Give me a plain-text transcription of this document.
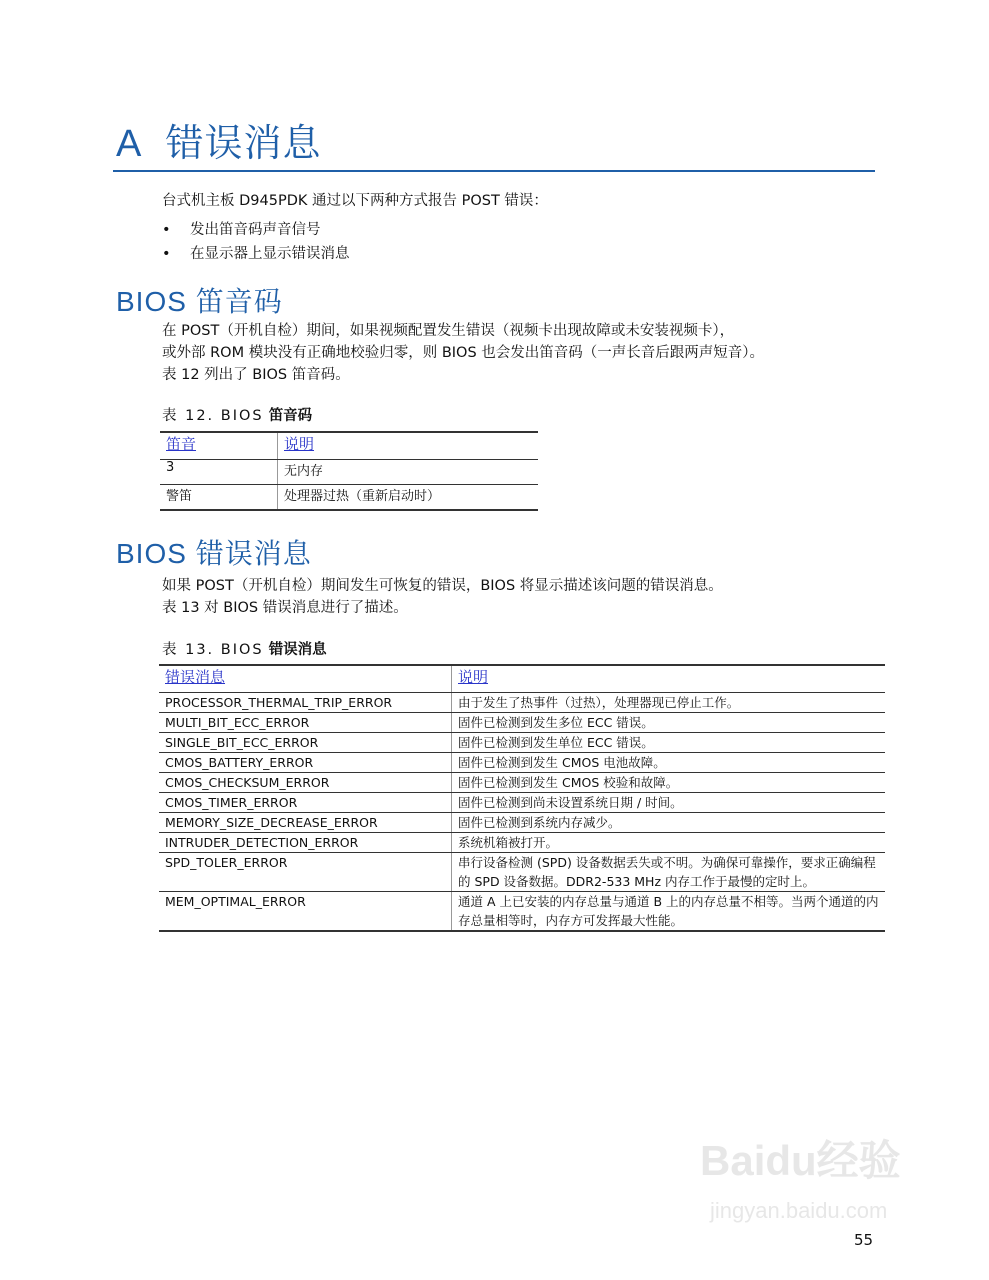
A 错误消息
台式机主板 D945PDK 通过以下两种方式报告 POST 错误：
• 发出笛音码声音信号
• 在显示器上显示错误消息
BIOS 笛音码
在 POST（开机自检）期间，如果视频配置发生错误（视频卡出现故障或未安装视频卡），
或外部 ROM 模块没有正确地校验归零，则 BIOS 也会发出笛音码（一声长音后跟两声短音）。
表 12 列出了 BIOS 笛音码。
表 12. BIOS 笛音码
笛音	说明
3	无内存
警笛	处理器过热（重新启动时）
BIOS 错误消息
如果 POST（开机自检）期间发生可恢复的错误，BIOS 将显示描述该问题的错误消息。
表 13 对 BIOS 错误消息进行了描述。
表 13. BIOS 错误消息
错误消息	说明
PROCESSOR_THERMAL_TRIP_ERROR	由于发生了热事件（过热），处理器现已停止工作。
MULTI_BIT_ECC_ERROR	固件已检测到发生多位 ECC 错误。
SINGLE_BIT_ECC_ERROR	固件已检测到发生单位 ECC 错误。
CMOS_BATTERY_ERROR	固件已检测到发生 CMOS 电池故障。
CMOS_CHECKSUM_ERROR	固件已检测到发生 CMOS 校验和故障。
CMOS_TIMER_ERROR	固件已检测到尚未设置系统日期 / 时间。
MEMORY_SIZE_DECREASE_ERROR	固件已检测到系统内存减少。
INTRUDER_DETECTION_ERROR	系统机箱被打开。
SPD_TOLER_ERROR	串行设备检测 (SPD) 设备数据丢失或不明。为确保可靠操作，要求正确编程的 SPD 设备数据。DDR2-533 MHz 内存工作于最慢的定时上。
MEM_OPTIMAL_ERROR	通道 A 上已安装的内存总量与通道 B 上的内存总量不相等。当两个通道的内存总量相等时，内存方可发挥最大性能。
Baidu经验
jingyan.baidu.com
55
